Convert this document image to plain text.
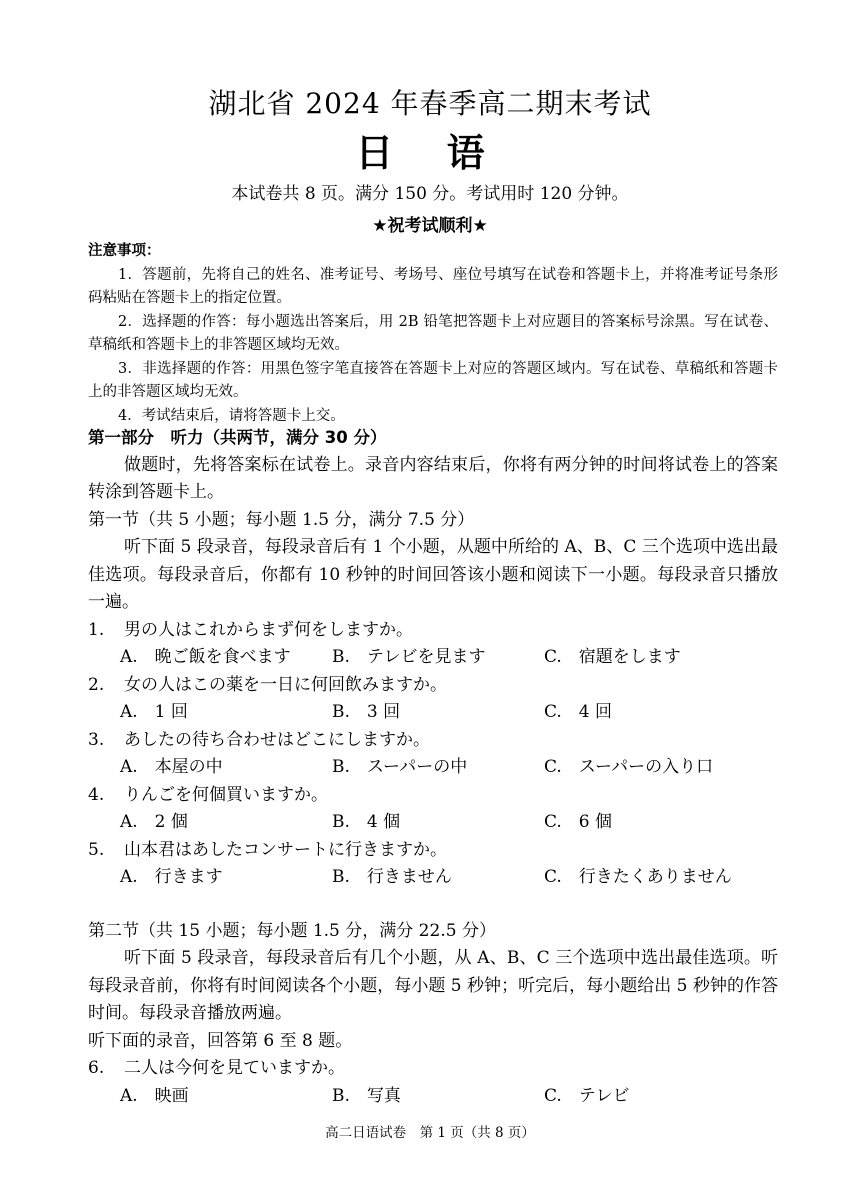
湖北省 2024 年春季高二期末考试
日 语
本试卷共 8 页。满分 150 分。考试用时 120 分钟。
★祝考试顺利★
注意事项：

1．答题前，先将自己的姓名、准考证号、考场号、座位号填写在试卷和答题卡上，并将准考证号条形码粘贴在答题卡上的指定位置。

2．选择题的作答：每小题选出答案后，用 2B 铅笔把答题卡上对应题目的答案标号涂黑。写在试卷、草稿纸和答题卡上的非答题区域均无效。

3．非选择题的作答：用黑色签字笔直接答在答题卡上对应的答题区域内。写在试卷、草稿纸和答题卡上的非答题区域均无效。

4．考试结束后，请将答题卡上交。

第一部分　听力（共两节，满分 30 分）

做题时，先将答案标在试卷上。录音内容结束后，你将有两分钟的时间将试卷上的答案转涂到答题卡上。

第一节（共 5 小题；每小题 1.5 分，满分 7.5 分）

听下面 5 段录音，每段录音后有 1 个小题，从题中所给的 A、B、C 三个选项中选出最佳选项。每段录音后，你都有 10 秒钟的时间回答该小题和阅读下一小题。每段录音只播放一遍。

1.	男の人はこれからまず何をしますか。
A.　晩ご飯を食べます	B.　テレビを見ます	C.　宿題をします
2.	女の人はこの薬を一日に何回飲みますか。
A.　1 回	B.　3 回	C.　4 回
3.	あしたの待ち合わせはどこにしますか。
A.　本屋の中	B.　スーパーの中	C.　スーパーの入り口
4.	りんごを何個買いますか。
A.　2 個	B.　4 個	C.　6 個
5.	山本君はあしたコンサートに行きますか。
A.　行きます	B.　行きません	C.　行きたくありません

第二节（共 15 小题；每小题 1.5 分，满分 22.5 分）

听下面 5 段录音，每段录音后有几个小题，从 A、B、C 三个选项中选出最佳选项。听每段录音前，你将有时间阅读各个小题，每小题 5 秒钟；听完后，每小题给出 5 秒钟的作答时间。每段录音播放两遍。

听下面的录音，回答第 6 至 8 题。

6.	二人は今何を見ていますか。
A.　映画	B.　写真	C.　テレビ
高二日语试卷　第 1 页（共 8 页）
